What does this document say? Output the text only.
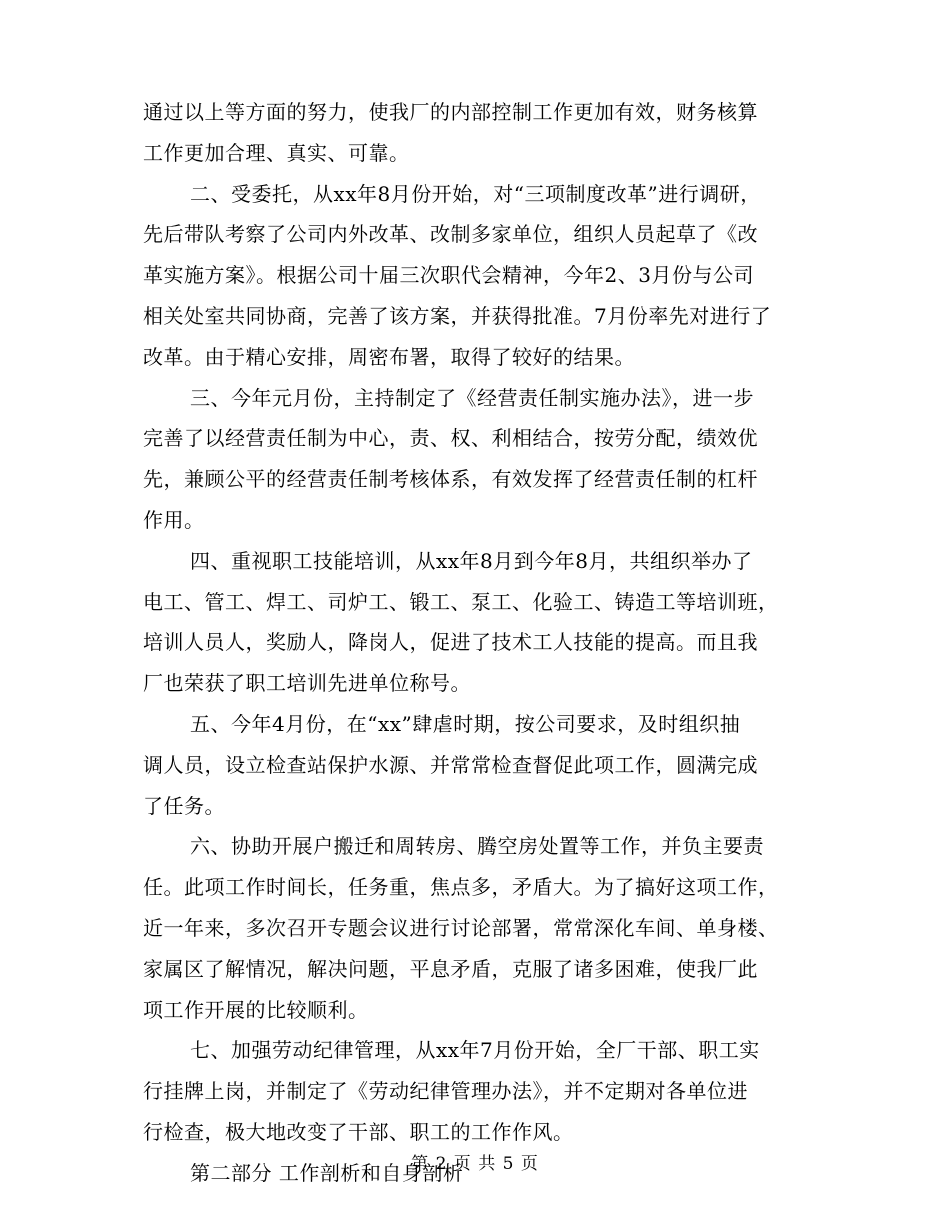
通过以上等方面的努力，使我厂的内部控制工作更加有效，财务核算
工作更加合理、真实、可靠。
二、受委托，从xx年8月份开始，对“三项制度改革”进行调研，
先后带队考察了公司内外改革、改制多家单位，组织人员起草了《改
革实施方案》。根据公司十届三次职代会精神，今年2、3月份与公司
相关处室共同协商，完善了该方案，并获得批准。7月份率先对进行了
改革。由于精心安排，周密布署，取得了较好的结果。
三、今年元月份，主持制定了《经营责任制实施办法》，进一步
完善了以经营责任制为中心，责、权、利相结合，按劳分配，绩效优
先，兼顾公平的经营责任制考核体系，有效发挥了经营责任制的杠杆
作用。
四、重视职工技能培训，从xx年8月到今年8月，共组织举办了
电工、管工、焊工、司炉工、锻工、泵工、化验工、铸造工等培训班，
培训人员人，奖励人，降岗人，促进了技术工人技能的提高。而且我
厂也荣获了职工培训先进单位称号。
五、今年4月份，在“xx”肆虐时期，按公司要求，及时组织抽
调人员，设立检查站保护水源、并常常检查督促此项工作，圆满完成
了任务。
六、协助开展户搬迁和周转房、腾空房处置等工作，并负主要责
任。此项工作时间长，任务重，焦点多，矛盾大。为了搞好这项工作，
近一年来，多次召开专题会议进行讨论部署，常常深化车间、单身楼、
家属区了解情况，解决问题，平息矛盾，克服了诸多困难，使我厂此
项工作开展的比较顺利。
七、加强劳动纪律管理，从xx年7月份开始，全厂干部、职工实
行挂牌上岗，并制定了《劳动纪律管理办法》，并不定期对各单位进
行检查，极大地改变了干部、职工的工作作风。
第二部分 工作剖析和自身剖析
第 2 页 共 5 页
